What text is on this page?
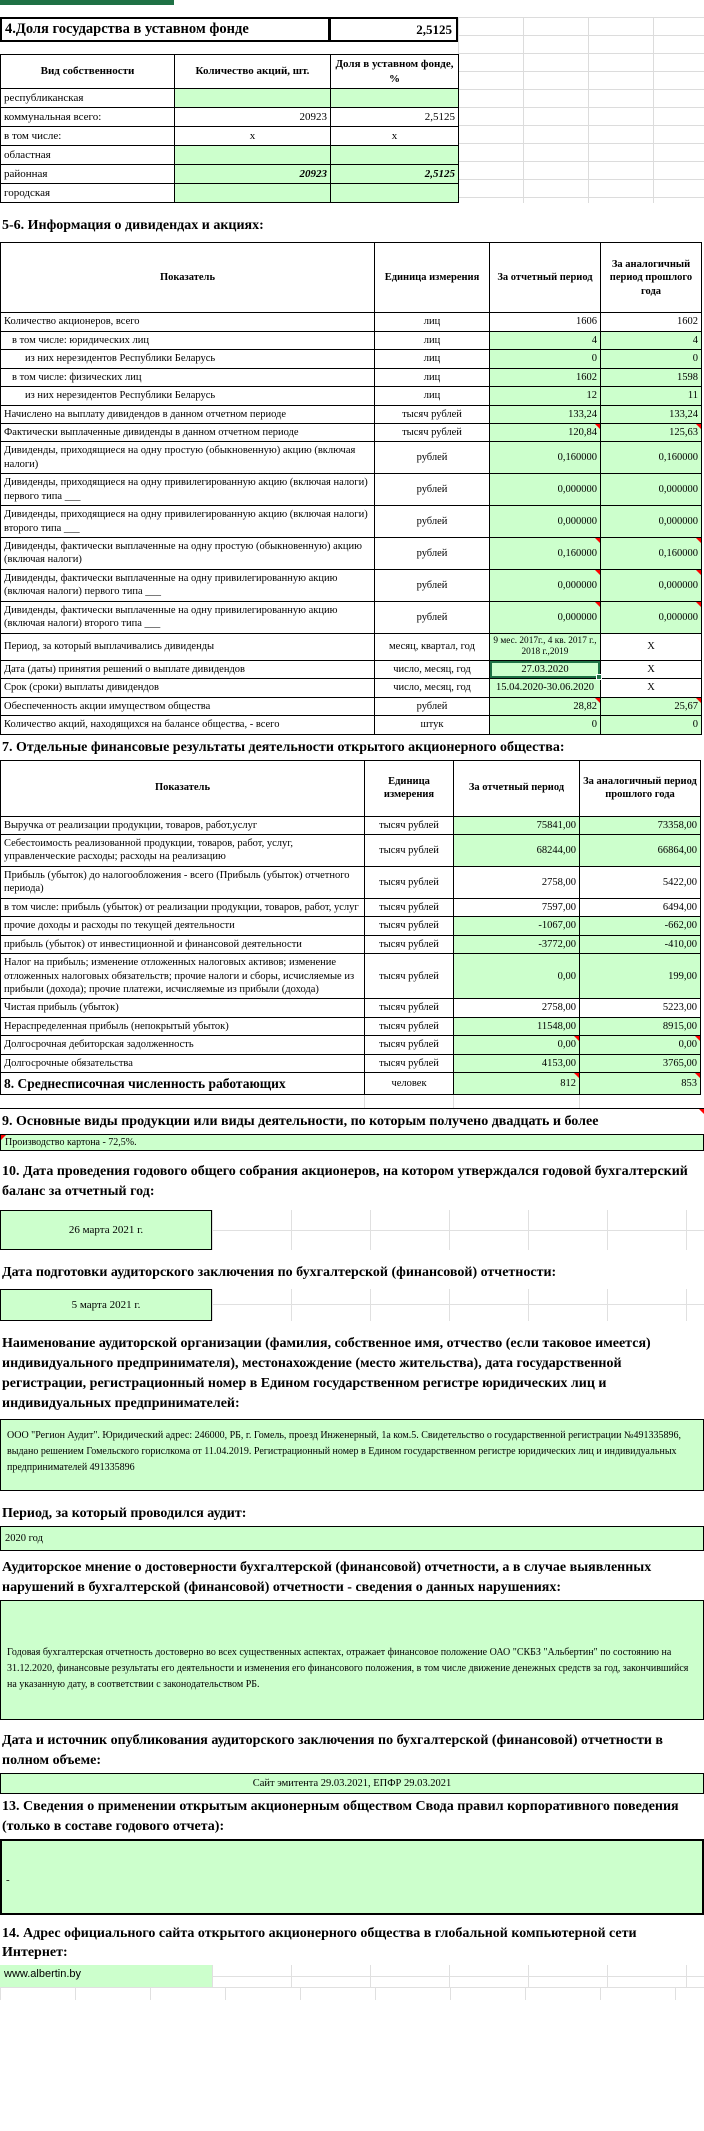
4.Доля государства в уставном фонде	2,5125
Вид собственности	Количество акций, шт.	Доля в уставном фонде, %
республиканская		
коммунальная всего:	20923	2,5125
в том числе:	x	x
областная		
районная	20923	2,5125
городская		
5-6. Информация о дивидендах и акциях:
Показатель	Единица измерения	За отчетный период	За аналогичный период прошлого года
Количество акционеров, всего	лиц	1606	1602
в том числе: юридических лиц	лиц	4	4
из них нерезидентов Республики Беларусь	лиц	0	0
в том числе: физических лиц	лиц	1602	1598
из них нерезидентов Республики Беларусь	лиц	12	11
Начислено на выплату дивидендов в данном отчетном периоде	тысяч рублей	133,24	133,24
Фактически выплаченные дивиденды в данном отчетном периоде	тысяч рублей	120,84	125,63

Дивиденды, приходящиеся на одну простую (обыкновенную) акцию (включая налоги)	рублей	0,160000	0,160000
Дивиденды, приходящиеся на одну привилегированную акцию (включая налоги) первого типа ___	рублей	0,000000	0,000000
Дивиденды, приходящиеся на одну привилегированную акцию (включая налоги) второго типа ___	рублей	0,000000	0,000000
Дивиденды, фактически выплаченные на одну простую (обыкновенную) акцию (включая налоги)	рублей	0,160000	0,160000

Дивиденды, фактически выплаченные на одну привилегированную акцию (включая налоги) первого типа ___	рублей	0,000000	0,000000

Дивиденды, фактически выплаченные на одну привилегированную акцию (включая налоги) второго типа ___	рублей	0,000000	0,000000

Период, за который выплачивались дивиденды	месяц, квартал, год	9 мес. 2017г., 4 кв. 2017 г., 2018 г.,2019	X
Дата (даты) принятия решений о выплате дивидендов	число, месяц, год	27.03.2020	X
Срок (сроки) выплаты дивидендов	число, месяц, год	15.04.2020-30.06.2020	X
Обеспеченность акции имуществом общества	рублей	28,82	25,67

Количество акций, находящихся на балансе общества, - всего	штук	0	0
7. Отдельные финансовые результаты деятельности открытого акционерного общества:
Показатель	Единица измерения	За отчетный период	За аналогичный период прошлого года
Выручка от реализации продукции, товаров, работ,услуг	тысяч рублей	75841,00	73358,00
Себестоимость реализованной продукции, товаров, работ, услуг, управленческие расходы; расходы на реализацию	тысяч рублей	68244,00	66864,00
Прибыль (убыток) до налогообложения - всего (Прибыль (убыток) отчетного периода)	тысяч рублей	2758,00	5422,00
в том числе: прибыль (убыток) от реализации продукции, товаров, работ, услуг	тысяч рублей	7597,00	6494,00
прочие доходы и расходы по текущей деятельности	тысяч рублей	-1067,00	-662,00
прибыль (убыток) от инвестиционной и финансовой деятельности	тысяч рублей	-3772,00	-410,00
Налог на прибыль; изменение отложенных налоговых активов; изменение отложенных налоговых обязательств; прочие налоги и сборы, исчисляемые из прибыли (дохода); прочие платежи, исчисляемые из прибыли (дохода)	тысяч рублей	0,00	199,00
Чистая прибыль (убыток)	тысяч рублей	2758,00	5223,00
Нераспределенная прибыль (непокрытый убыток)	тысяч рублей	11548,00	8915,00
Долгосрочная дебиторская задолженность	тысяч рублей	0,00	0,00

Долгосрочные обязательства	тысяч рублей	4153,00	3765,00
8. Среднесписочная численность работающих	человек	812	853
9. Основные виды продукции или виды деятельности, по которым получено двадцать и более
Производство картона - 72,5%.
10. Дата проведения годового общего собрания акционеров, на котором утверждался годовой бухгалтерский баланс за отчетный год:
26 марта 2021 г.
Дата подготовки аудиторского заключения по бухгалтерской (финансовой) отчетности:
5 марта 2021 г.
Наименование аудиторской организации (фамилия, собственное имя, отчество (если таковое имеется) индивидуального предпринимателя), местонахождение (место жительства), дата государственной регистрации, регистрационный номер в Едином государственном регистре юридических лиц и индивидуальных предпринимателей:
ООО "Регион Аудит". Юридический адрес: 246000, РБ, г. Гомель, проезд Инженерный, 1а ком.5. Свидетельство о государственной регистрации №491335896, выдано решением Гомельского горислкома от 11.04.2019. Регистрационный номер в Едином государственном регистре юридических лиц и индивидуальных предпринимателей 491335896
Период, за который проводился аудит:
2020 год
Аудиторское мнение о достоверности бухгалтерской (финансовой) отчетности, а в случае выявленных нарушений в бухгалтерской (финансовой) отчетности - сведения о данных нарушениях:
Годовая бухгалтерская отчетность достоверно во всех существенных аспектах, отражает финансовое положение ОАО "СКБЗ "Альбертин" по состоянию на 31.12.2020, финансовые результаты его деятельности и изменения его финансового положения, в том числе движение денежных средств за год, закончившийся на указанную дату, в соответствии с законодательством РБ.
Дата и источник опубликования аудиторского заключения по бухгалтерской (финансовой) отчетности в полном объеме:
Сайт эмитента 29.03.2021, ЕПФР 29.03.2021
13. Сведения о применении открытым акционерным обществом Свода правил корпоративного поведения (только в составе годового отчета):
-
14. Адрес официального сайта открытого акционерного общества в глобальной компьютерной сети Интернет:
www.albertin.by
